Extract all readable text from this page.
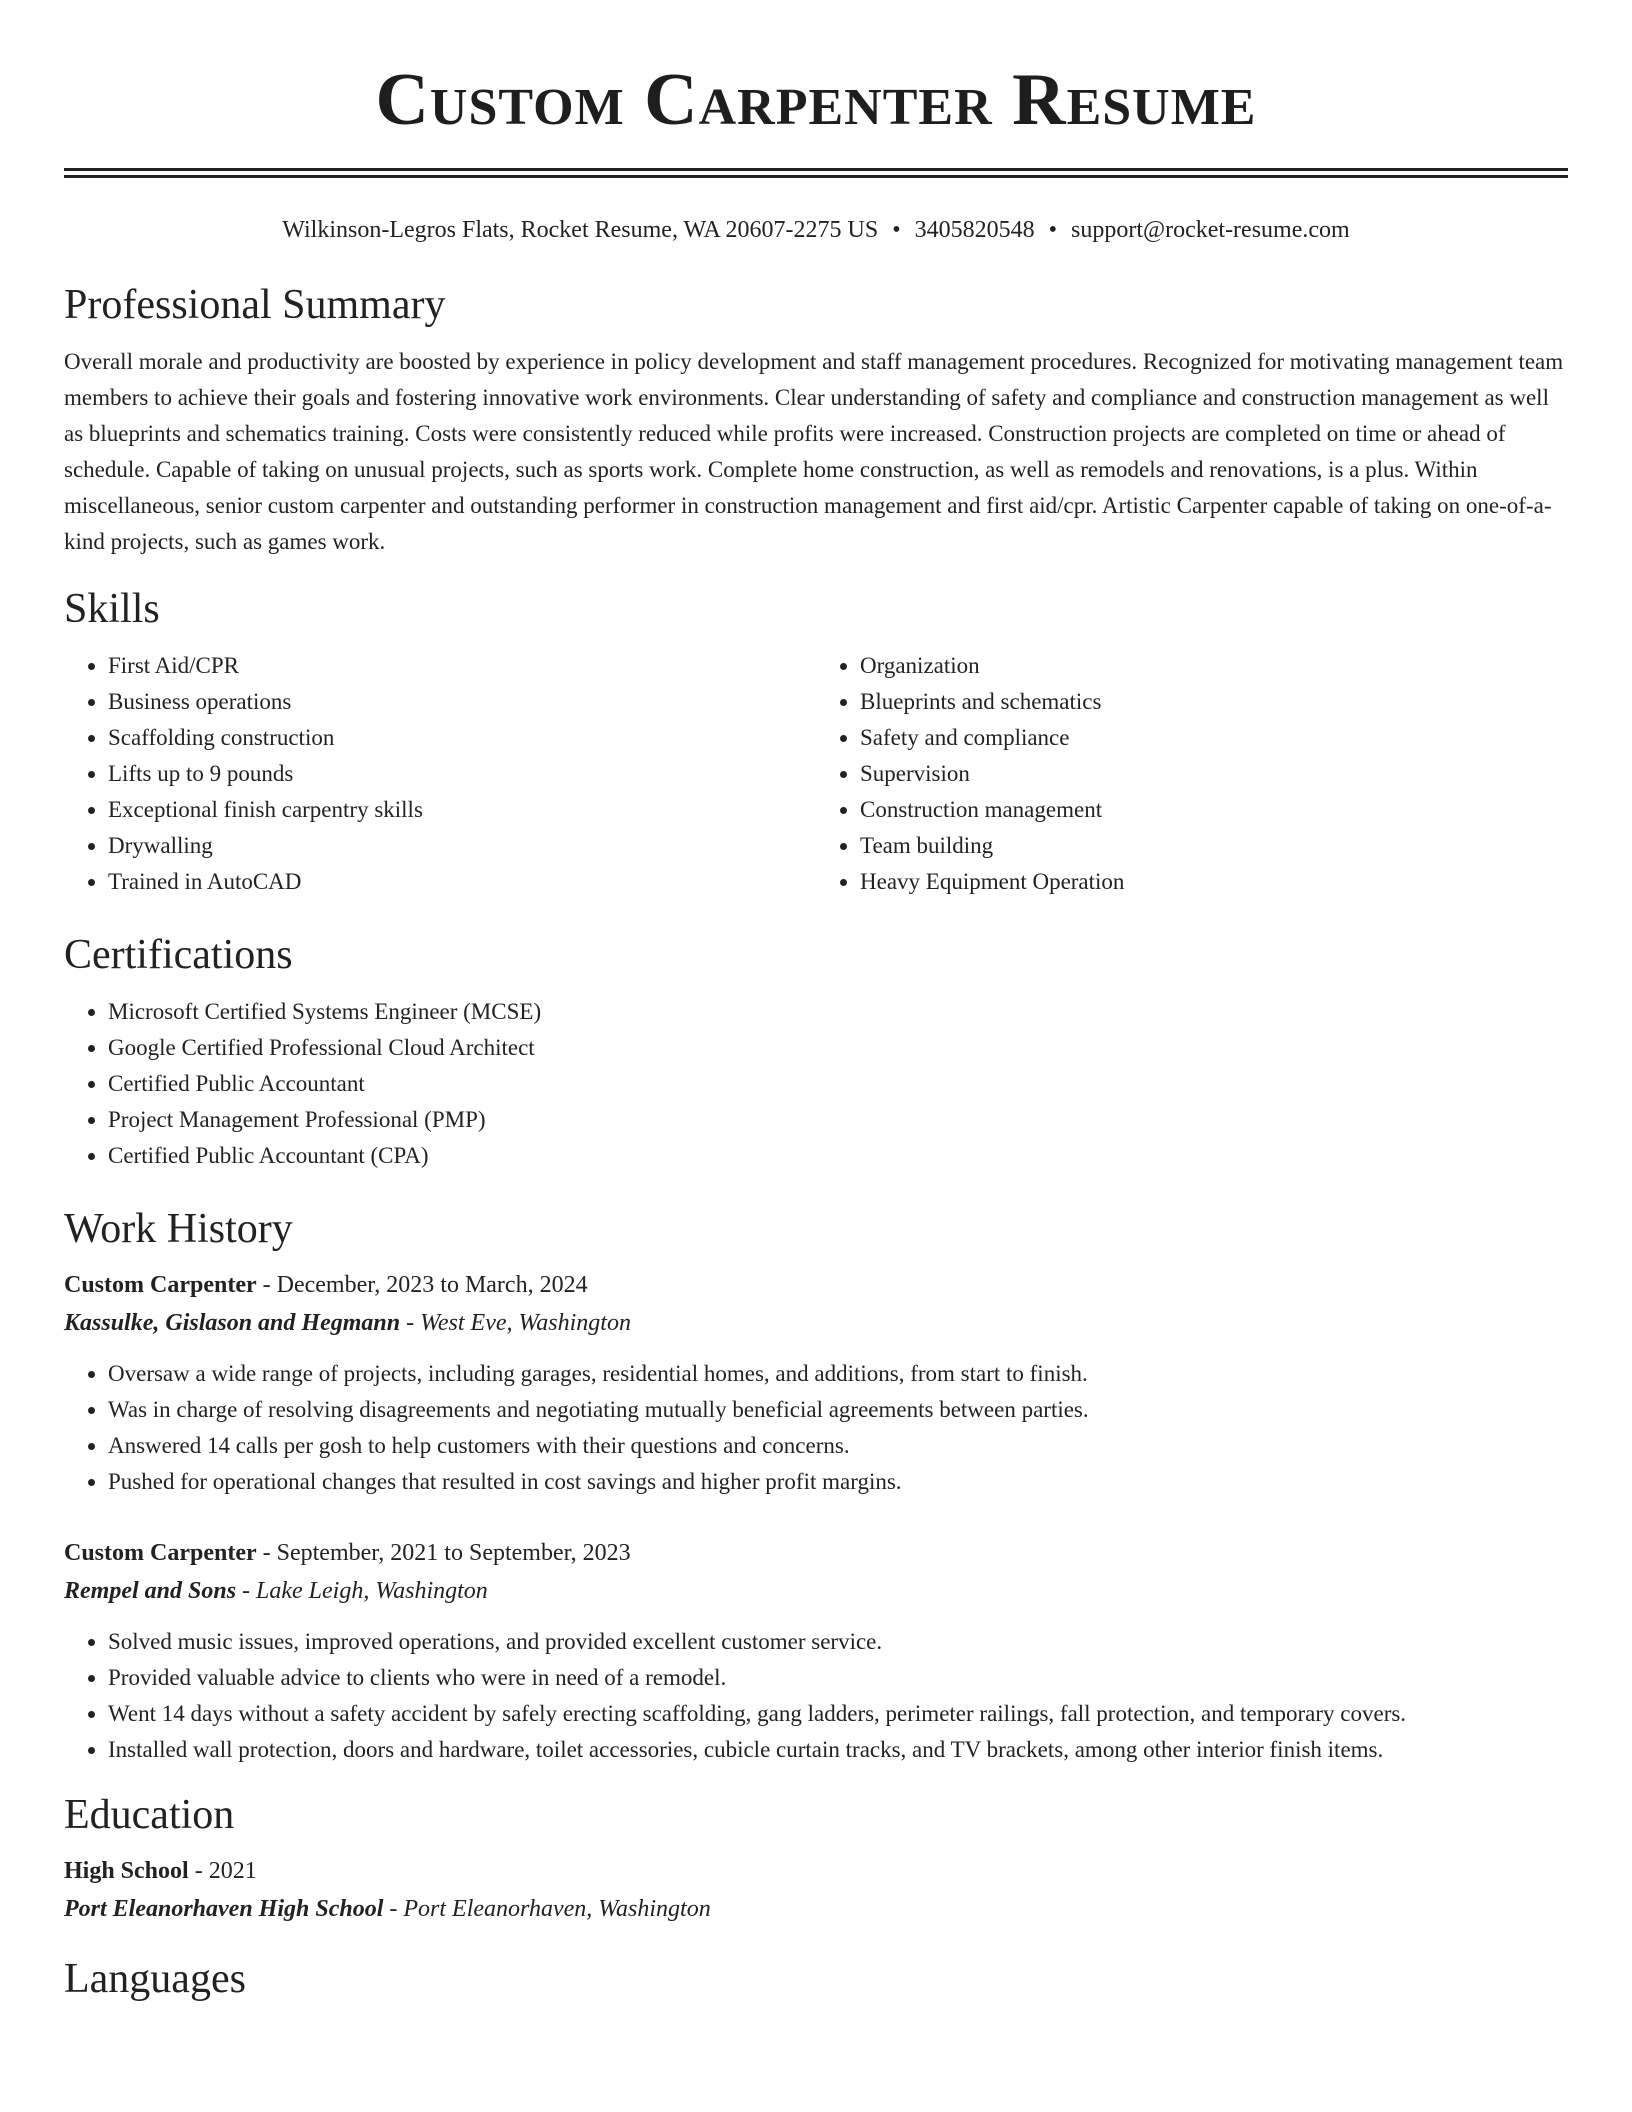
Custom Carpenter Resume
Wilkinson-Legros Flats, Rocket Resume, WA 20607-2275 US • 3405820548 • support@rocket-resume.com
Professional Summary

Overall morale and productivity are boosted by experience in policy development and staff management procedures. Recognized for motivating management team members to achieve their goals and fostering innovative work environments. Clear understanding of safety and compliance and construction management as well as blueprints and schematics training. Costs were consistently reduced while profits were increased. Construction projects are completed on time or ahead of schedule. Capable of taking on unusual projects, such as sports work. Complete home construction, as well as remodels and renovations, is a plus. Within miscellaneous, senior custom carpenter and outstanding performer in construction management and first aid/cpr. Artistic Carpenter capable of taking on one-of-a-kind projects, such as games work.

Skills
• First Aid/CPR
• Business operations
• Scaffolding construction
• Lifts up to 9 pounds
• Exceptional finish carpentry skills
• Drywalling
• Trained in AutoCAD
• Organization
• Blueprints and schematics
• Safety and compliance
• Supervision
• Construction management
• Team building
• Heavy Equipment Operation
Certifications
• Microsoft Certified Systems Engineer (MCSE)
• Google Certified Professional Cloud Architect
• Certified Public Accountant
• Project Management Professional (PMP)
• Certified Public Accountant (CPA)
Work History

Custom Carpenter - December, 2023 to March, 2024

Kassulke, Gislason and Hegmann - West Eve, Washington

• Oversaw a wide range of projects, including garages, residential homes, and additions, from start to finish.
• Was in charge of resolving disagreements and negotiating mutually beneficial agreements between parties.
• Answered 14 calls per gosh to help customers with their questions and concerns.
• Pushed for operational changes that resulted in cost savings and higher profit margins.

Custom Carpenter - September, 2021 to September, 2023

Rempel and Sons - Lake Leigh, Washington

• Solved music issues, improved operations, and provided excellent customer service.
• Provided valuable advice to clients who were in need of a remodel.
• Went 14 days without a safety accident by safely erecting scaffolding, gang ladders, perimeter railings, fall protection, and temporary covers.
• Installed wall protection, doors and hardware, toilet accessories, cubicle curtain tracks, and TV brackets, among other interior finish items.
Education

High School - 2021

Port Eleanorhaven High School - Port Eleanorhaven, Washington

Languages
